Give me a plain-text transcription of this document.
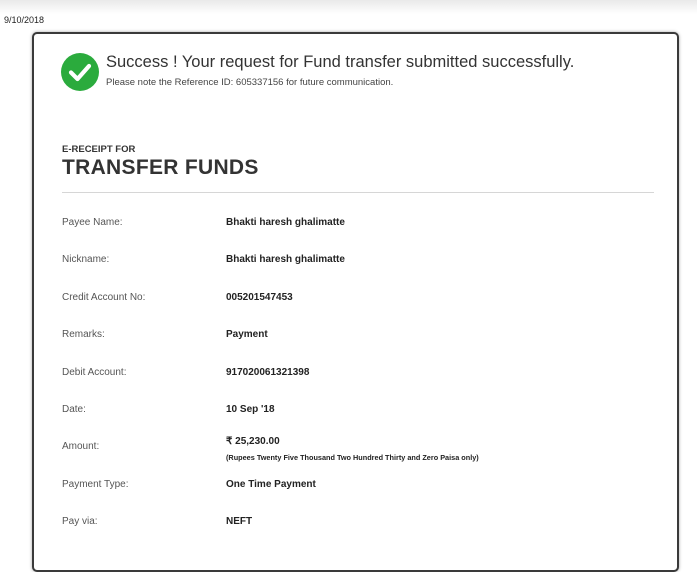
9/10/2018
Success ! Your request for Fund transfer submitted successfully.
Please note the Reference ID: 605337156 for future communication.
E-RECEIPT FOR
TRANSFER FUNDS
Payee Name:	Bhakti haresh ghalimatte
Nickname:	Bhakti haresh ghalimatte
Credit Account No:	005201547453
Remarks:	Payment
Debit Account:	917020061321398
Date:	10 Sep '18
Amount:	₹ 25,230.00
(Rupees Twenty Five Thousand Two Hundred Thirty and Zero Paisa only)
Payment Type:	One Time Payment
Pay via:	NEFT
